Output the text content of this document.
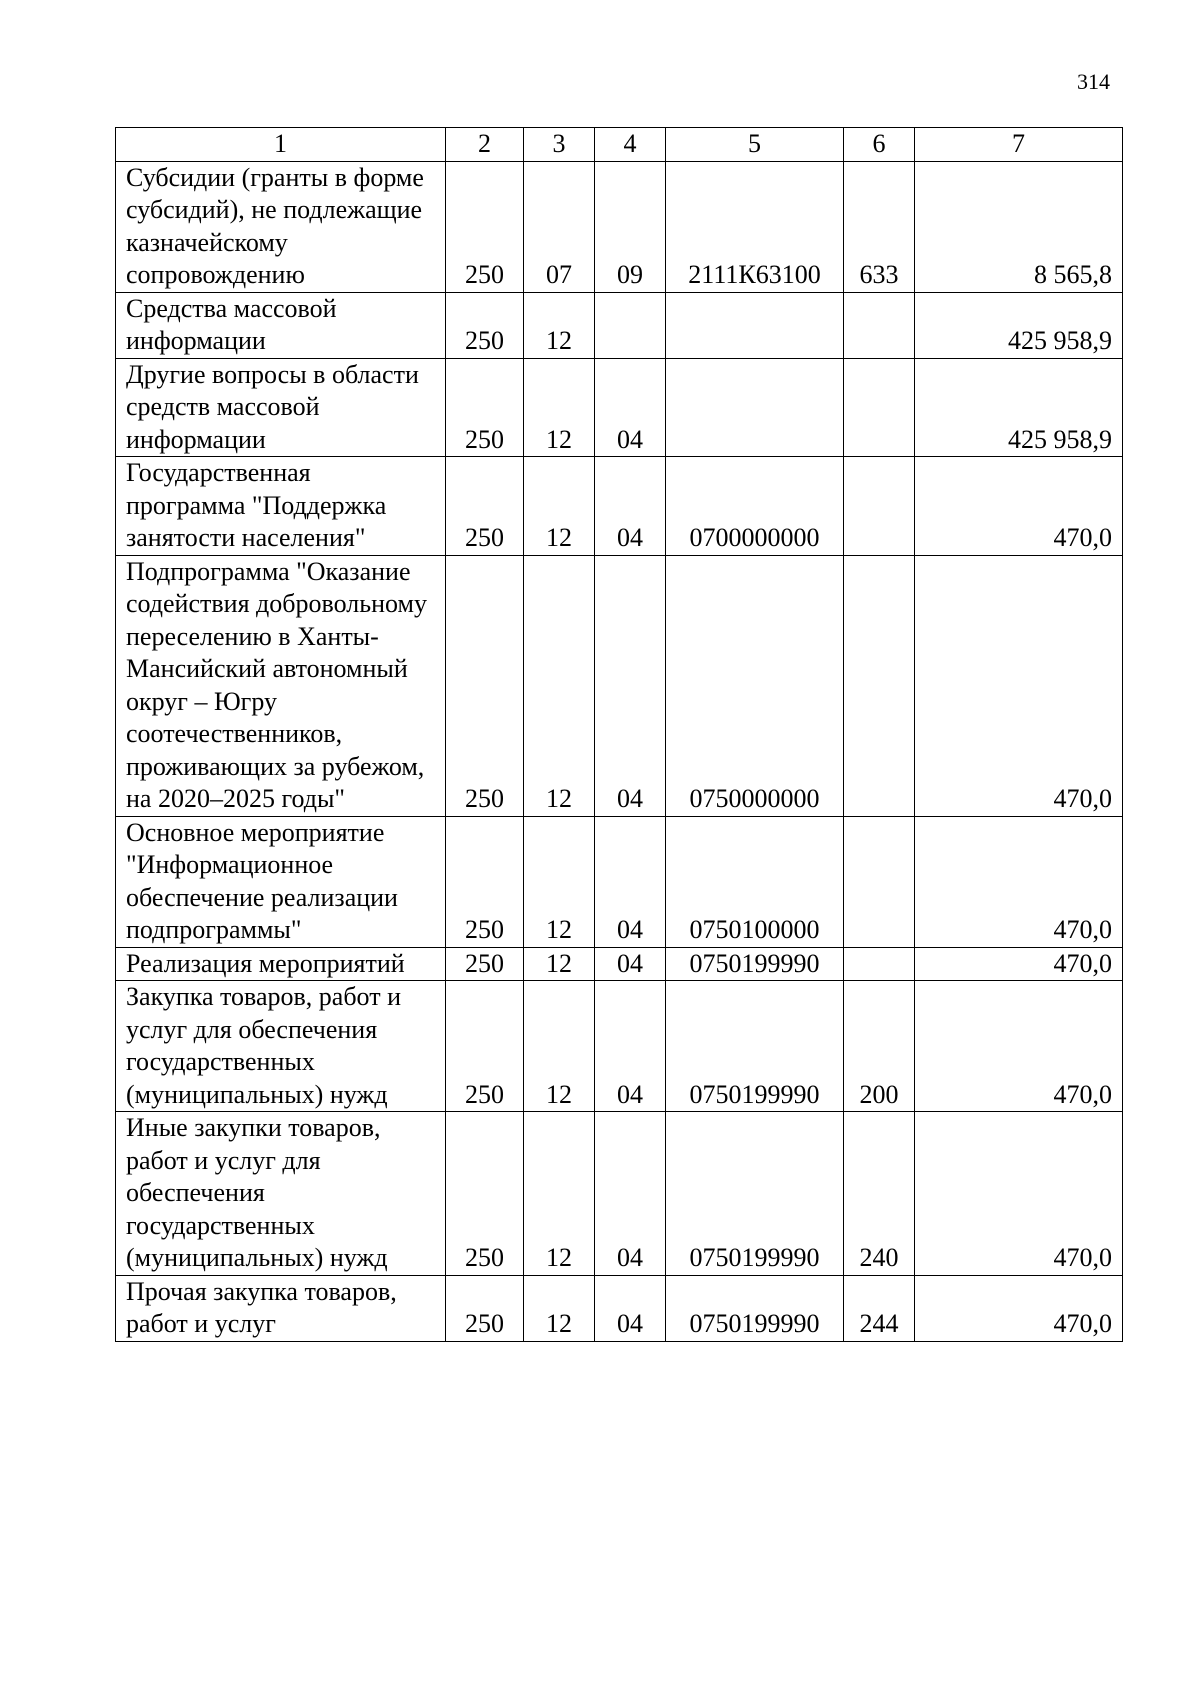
314
1	2	3	4	5	6	7
Субсидии (гранты в форме субсидий), не подлежащие казначейскому сопровождению	250	07	09	2111К63100	633	8 565,8
Средства массовой информации	250	12				425 958,9
Другие вопросы в области средств массовой информации	250	12	04			425 958,9
Государственная программа "Поддержка занятости населения"	250	12	04	0700000000		470,0
Подпрограмма "Оказание содействия добровольному переселению в Ханты-Мансийский автономный округ – Югру соотечественников, проживающих за рубежом, на 2020–2025 годы"	250	12	04	0750000000		470,0
Основное мероприятие "Информационное обеспечение реализации подпрограммы"	250	12	04	0750100000		470,0
Реализация мероприятий	250	12	04	0750199990		470,0
Закупка товаров, работ и услуг для обеспечения государственных (муниципальных) нужд	250	12	04	0750199990	200	470,0
Иные закупки товаров, работ и услуг для обеспечения государственных (муниципальных) нужд	250	12	04	0750199990	240	470,0
Прочая закупка товаров, работ и услуг	250	12	04	0750199990	244	470,0
